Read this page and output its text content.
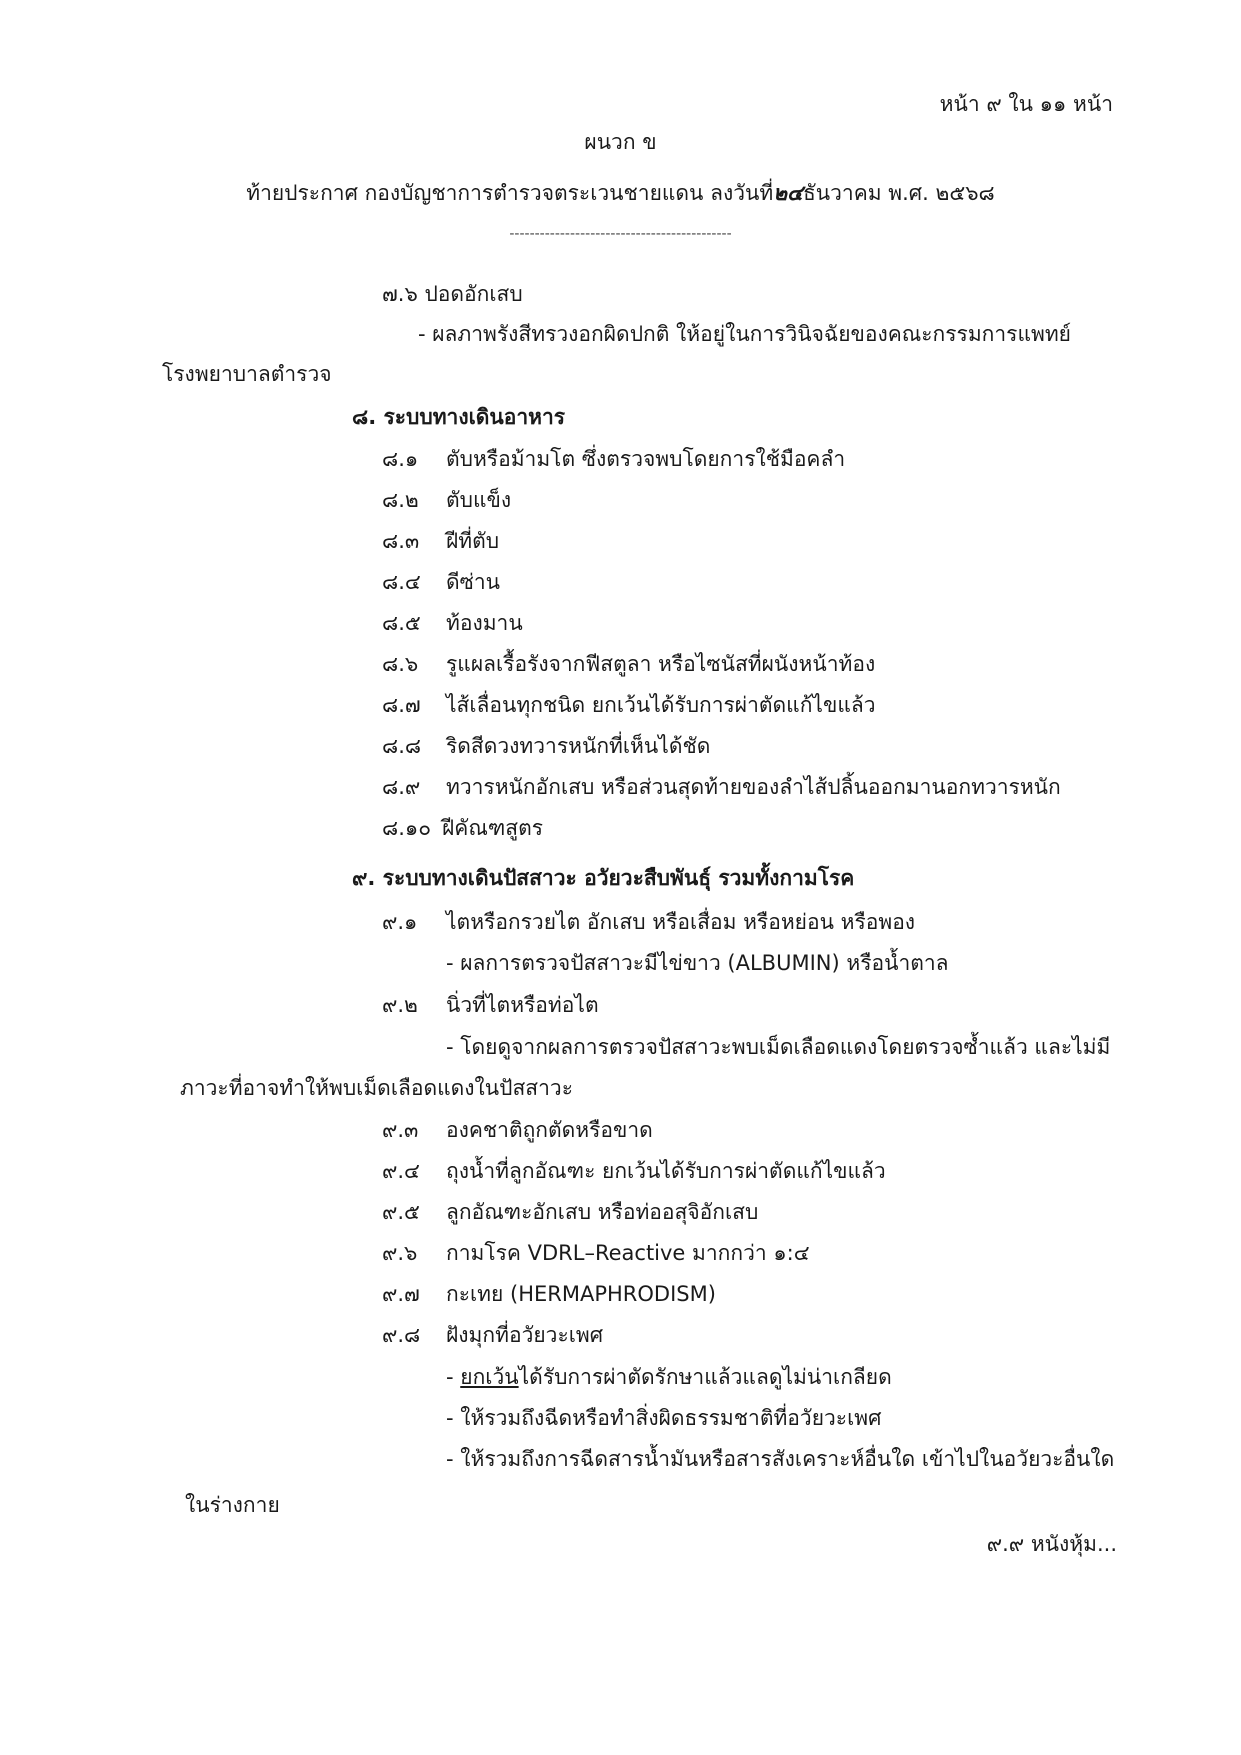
หน้า ๙ ใน ๑๑ หน้า
ผนวก ข
ท้ายประกาศ กองบัญชาการตำรวจตระเวนชายแดน ลงวันที่๒๔ธันวาคม พ.ศ. ๒๕๖๘
--------------------------------------------
๗.๖ ปอดอักเสบ
- ผลภาพรังสีทรวงอกผิดปกติ ให้อยู่ในการวินิจฉัยของคณะกรรมการแพทย์
โรงพยาบาลตำรวจ
๘. ระบบทางเดินอาหาร
๘.๑ ตับหรือม้ามโต ซึ่งตรวจพบโดยการใช้มือคลำ
๘.๒ ตับแข็ง
๘.๓ ฝีที่ตับ
๘.๔ ดีซ่าน
๘.๕ ท้องมาน
๘.๖ รูแผลเรื้อรังจากฟีสตูลา หรือไซนัสที่ผนังหน้าท้อง
๘.๗ ไส้เลื่อนทุกชนิด ยกเว้นได้รับการผ่าตัดแก้ไขแล้ว
๘.๘ ริดสีดวงทวารหนักที่เห็นได้ชัด
๘.๙ ทวารหนักอักเสบ หรือส่วนสุดท้ายของลำไส้ปลิ้นออกมานอกทวารหนัก
๘.๑๐ ฝีคัณฑสูตร
๙. ระบบทางเดินปัสสาวะ อวัยวะสืบพันธุ์ รวมทั้งกามโรค
๙.๑ ไตหรือกรวยไต อักเสบ หรือเสื่อม หรือหย่อน หรือพอง
- ผลการตรวจปัสสาวะมีไข่ขาว (ALBUMIN) หรือน้ำตาล
๙.๒ นิ่วที่ไตหรือท่อไต
- โดยดูจากผลการตรวจปัสสาวะพบเม็ดเลือดแดงโดยตรวจซ้ำแล้ว และไม่มี
ภาวะที่อาจทำให้พบเม็ดเลือดแดงในปัสสาวะ
๙.๓ องคชาติถูกตัดหรือขาด
๙.๔ ถุงน้ำที่ลูกอัณฑะ ยกเว้นได้รับการผ่าตัดแก้ไขแล้ว
๙.๕ ลูกอัณฑะอักเสบ หรือท่ออสุจิอักเสบ
๙.๖ กามโรค VDRL–Reactive มากกว่า ๑:๔
๙.๗ กะเทย (HERMAPHRODISM)
๙.๘ ฝังมุกที่อวัยวะเพศ
- ยกเว้นได้รับการผ่าตัดรักษาแล้วแลดูไม่น่าเกลียด
- ให้รวมถึงฉีดหรือทำสิ่งผิดธรรมชาติที่อวัยวะเพศ
- ให้รวมถึงการฉีดสารน้ำมันหรือสารสังเคราะห์อื่นใด เข้าไปในอวัยวะอื่นใด
ในร่างกาย
๙.๙ หนังหุ้ม...
